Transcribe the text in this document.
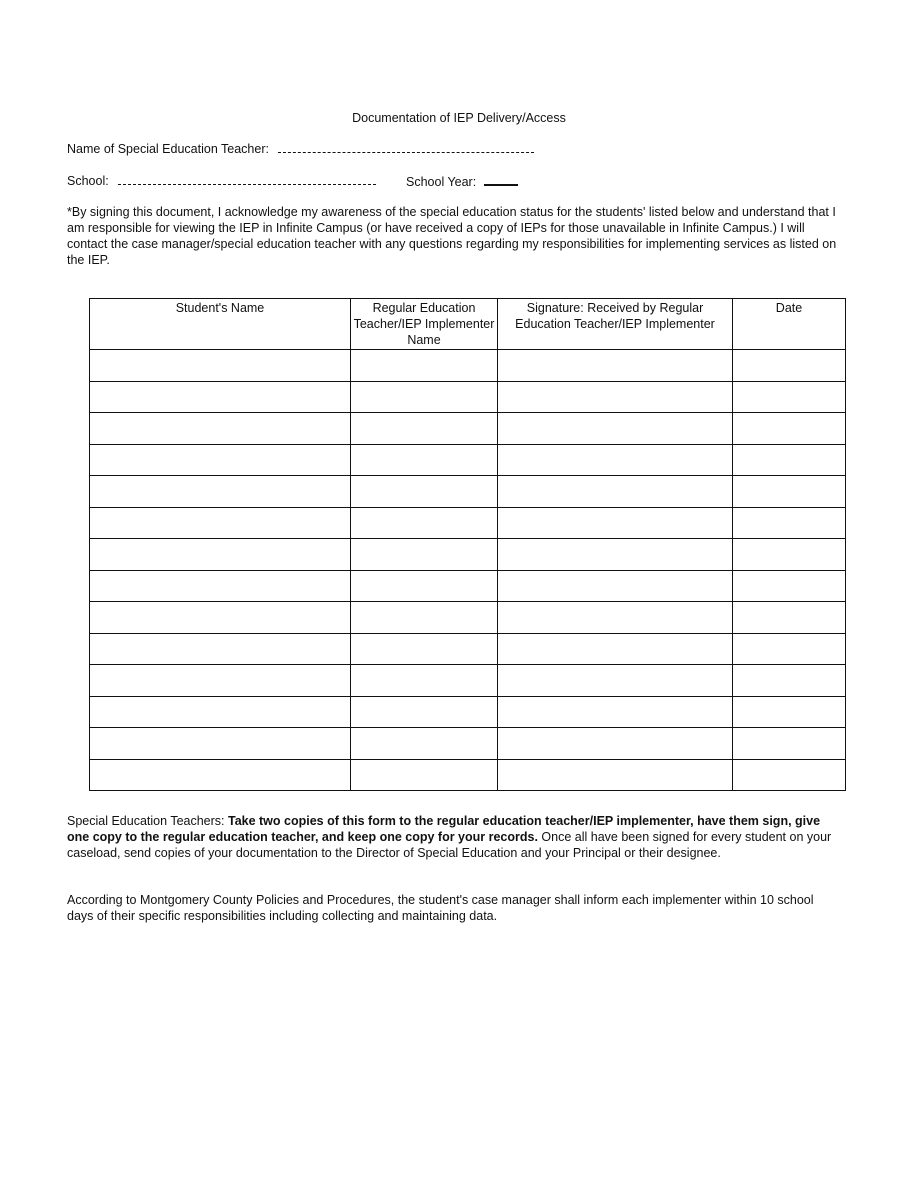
Documentation of IEP Delivery/Access
Name of Special Education Teacher:
School:	School Year:
*By signing this document, I acknowledge my awareness of the special education status for the students' listed below and understand that I am responsible for viewing the IEP in Infinite Campus (or have received a copy of IEPs for those unavailable in Infinite Campus.) I will contact the case manager/special education teacher with any questions regarding my responsibilities for implementing services as listed on the IEP.
Student's Name	Regular Education Teacher/IEP Implementer Name	Signature: Received by Regular Education Teacher/IEP Implementer	Date

Special Education Teachers: Take two copies of this form to the regular education teacher/IEP implementer, have them sign, give one copy to the regular education teacher, and keep one copy for your records. Once all have been signed for every student on your caseload, send copies of your documentation to the Director of Special Education and your Principal or their designee.
According to Montgomery County Policies and Procedures, the student's case manager shall inform each implementer within 10 school days of their specific responsibilities including collecting and maintaining data.
